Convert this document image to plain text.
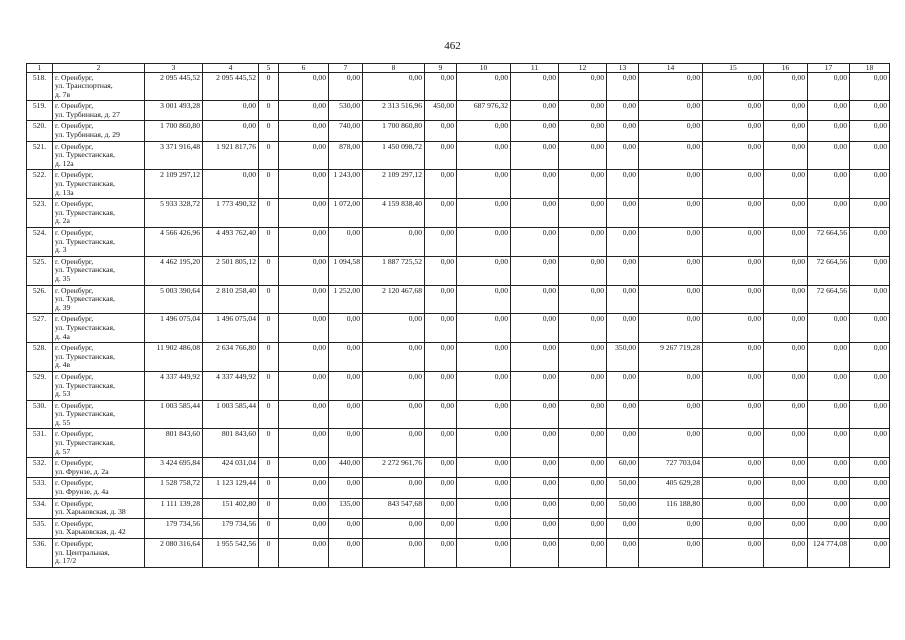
462
1	2	3	4	5	6	7	8	9	10	11	12	13	14	15	16	17	18
518.	г. Оренбург,
ул. Транспортная,
д. 7в	2 095 445,52	2 095 445,52	0	0,00	0,00	0,00	0,00	0,00	0,00	0,00	0,00	0,00	0,00	0,00	0,00	0,00
519.	г. Оренбург,
ул. Турбинная, д. 27	3 001 493,28	0,00	0	0,00	530,00	2 313 516,96	450,00	687 976,32	0,00	0,00	0,00	0,00	0,00	0,00	0,00	0,00
520.	г. Оренбург,
ул. Турбинная, д. 29	1 700 860,80	0,00	0	0,00	740,00	1 700 860,80	0,00	0,00	0,00	0,00	0,00	0,00	0,00	0,00	0,00	0,00
521.	г. Оренбург,
ул. Туркестанская,
д. 12а	3 371 916,48	1 921 817,76	0	0,00	878,00	1 450 098,72	0,00	0,00	0,00	0,00	0,00	0,00	0,00	0,00	0,00	0,00
522.	г. Оренбург,
ул. Туркестанская,
д. 13а	2 109 297,12	0,00	0	0,00	1 243,00	2 109 297,12	0,00	0,00	0,00	0,00	0,00	0,00	0,00	0,00	0,00	0,00
523.	г. Оренбург,
ул. Туркестанская,
д. 2а	5 933 328,72	1 773 490,32	0	0,00	1 072,00	4 159 838,40	0,00	0,00	0,00	0,00	0,00	0,00	0,00	0,00	0,00	0,00
524.	г. Оренбург,
ул. Туркестанская,
д. 3	4 566 426,96	4 493 762,40	0	0,00	0,00	0,00	0,00	0,00	0,00	0,00	0,00	0,00	0,00	0,00	72 664,56	0,00
525.	г. Оренбург,
ул. Туркестанская,
д. 35	4 462 195,20	2 501 805,12	0	0,00	1 094,58	1 887 725,52	0,00	0,00	0,00	0,00	0,00	0,00	0,00	0,00	72 664,56	0,00
526.	г. Оренбург,
ул. Туркестанская,
д. 39	5 003 390,64	2 810 258,40	0	0,00	1 252,00	2 120 467,68	0,00	0,00	0,00	0,00	0,00	0,00	0,00	0,00	72 664,56	0,00
527.	г. Оренбург,
ул. Туркестанская,
д. 4а	1 496 075,04	1 496 075,04	0	0,00	0,00	0,00	0,00	0,00	0,00	0,00	0,00	0,00	0,00	0,00	0,00	0,00
528.	г. Оренбург,
ул. Туркестанская,
д. 4в	11 902 486,08	2 634 766,80	0	0,00	0,00	0,00	0,00	0,00	0,00	0,00	350,00	9 267 719,28	0,00	0,00	0,00	0,00
529.	г. Оренбург,
ул. Туркестанская,
д. 53	4 337 449,92	4 337 449,92	0	0,00	0,00	0,00	0,00	0,00	0,00	0,00	0,00	0,00	0,00	0,00	0,00	0,00
530.	г. Оренбург,
ул. Туркестанская,
д. 55	1 003 585,44	1 003 585,44	0	0,00	0,00	0,00	0,00	0,00	0,00	0,00	0,00	0,00	0,00	0,00	0,00	0,00
531.	г. Оренбург,
ул. Туркестанская,
д. 57	801 843,60	801 843,60	0	0,00	0,00	0,00	0,00	0,00	0,00	0,00	0,00	0,00	0,00	0,00	0,00	0,00
532.	г. Оренбург,
ул. Фрунзе, д. 2а	3 424 695,84	424 031,04	0	0,00	440,00	2 272 961,76	0,00	0,00	0,00	0,00	60,00	727 703,04	0,00	0,00	0,00	0,00
533.	г. Оренбург,
ул. Фрунзе, д. 4а	1 528 758,72	1 123 129,44	0	0,00	0,00	0,00	0,00	0,00	0,00	0,00	50,00	405 629,28	0,00	0,00	0,00	0,00
534.	г. Оренбург,
ул. Харьковская, д. 38	1 111 139,28	151 402,80	0	0,00	135,00	843 547,68	0,00	0,00	0,00	0,00	50,00	116 188,80	0,00	0,00	0,00	0,00
535.	г. Оренбург,
ул. Харьковская, д. 42	179 734,56	179 734,56	0	0,00	0,00	0,00	0,00	0,00	0,00	0,00	0,00	0,00	0,00	0,00	0,00	0,00
536.	г. Оренбург,
ул. Центральная,
д. 17/2	2 080 316,64	1 955 542,56	0	0,00	0,00	0,00	0,00	0,00	0,00	0,00	0,00	0,00	0,00	0,00	124 774,08	0,00
